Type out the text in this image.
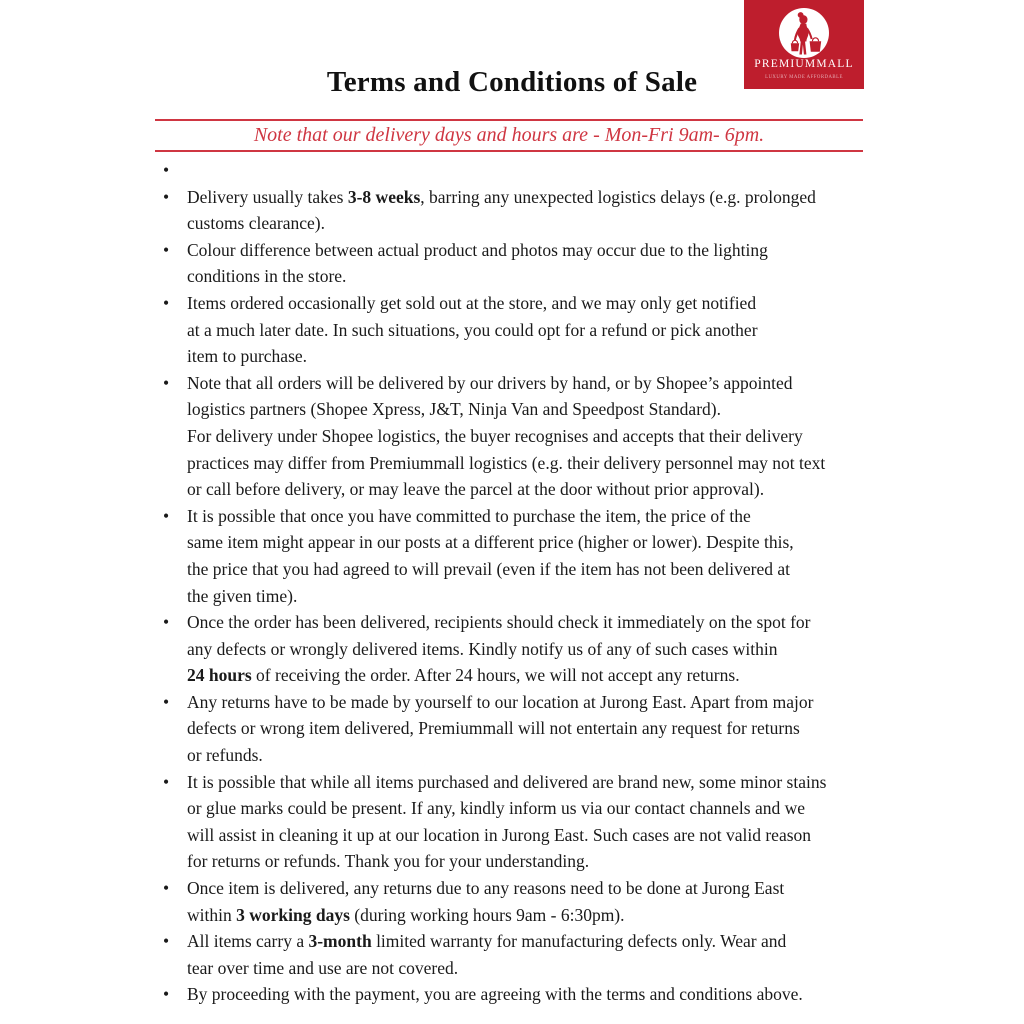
PREMIUMMALL
LUXURY MADE AFFORDABLE
Terms and Conditions of Sale
Note that our delivery days and hours are - Mon-Fri 9am- 6pm.
•
•
Delivery usually takes 3-8 weeks, barring any unexpected logistics delays (e.g. prolonged
customs clearance).
•
Colour difference between actual product and photos may occur due to the lighting
conditions in the store.
•
Items ordered occasionally get sold out at the store, and we may only get notified
at a much later date. In such situations, you could opt for a refund or pick another
item to purchase.
•
Note that all orders will be delivered by our drivers by hand, or by Shopee’s appointed
logistics partners (Shopee Xpress, J&T, Ninja Van and Speedpost Standard).
For delivery under Shopee logistics, the buyer recognises and accepts that their delivery
practices may differ from Premiummall logistics (e.g. their delivery personnel may not text
or call before delivery, or may leave the parcel at the door without prior approval).
•
It is possible that once you have committed to purchase the item, the price of the
same item might appear in our posts at a different price (higher or lower). Despite this,
the price that you had agreed to will prevail (even if the item has not been delivered at
the given time).
•
Once the order has been delivered, recipients should check it immediately on the spot for
any defects or wrongly delivered items. Kindly notify us of any of such cases within
24 hours of receiving the order. After 24 hours, we will not accept any returns.
•
Any returns have to be made by yourself to our location at Jurong East. Apart from major
defects or wrong item delivered, Premiummall will not entertain any request for returns
or refunds.
•
It is possible that while all items purchased and delivered are brand new, some minor stains
or glue marks could be present. If any, kindly inform us via our contact channels and we
will assist in cleaning it up at our location in Jurong East. Such cases are not valid reason
for returns or refunds. Thank you for your understanding.
•
Once item is delivered, any returns due to any reasons need to be done at Jurong East
within 3 working days (during working hours 9am - 6:30pm).
•
All items carry a 3-month limited warranty for manufacturing defects only. Wear and
tear over time and use are not covered.
•
By proceeding with the payment, you are agreeing with the terms and conditions above.
